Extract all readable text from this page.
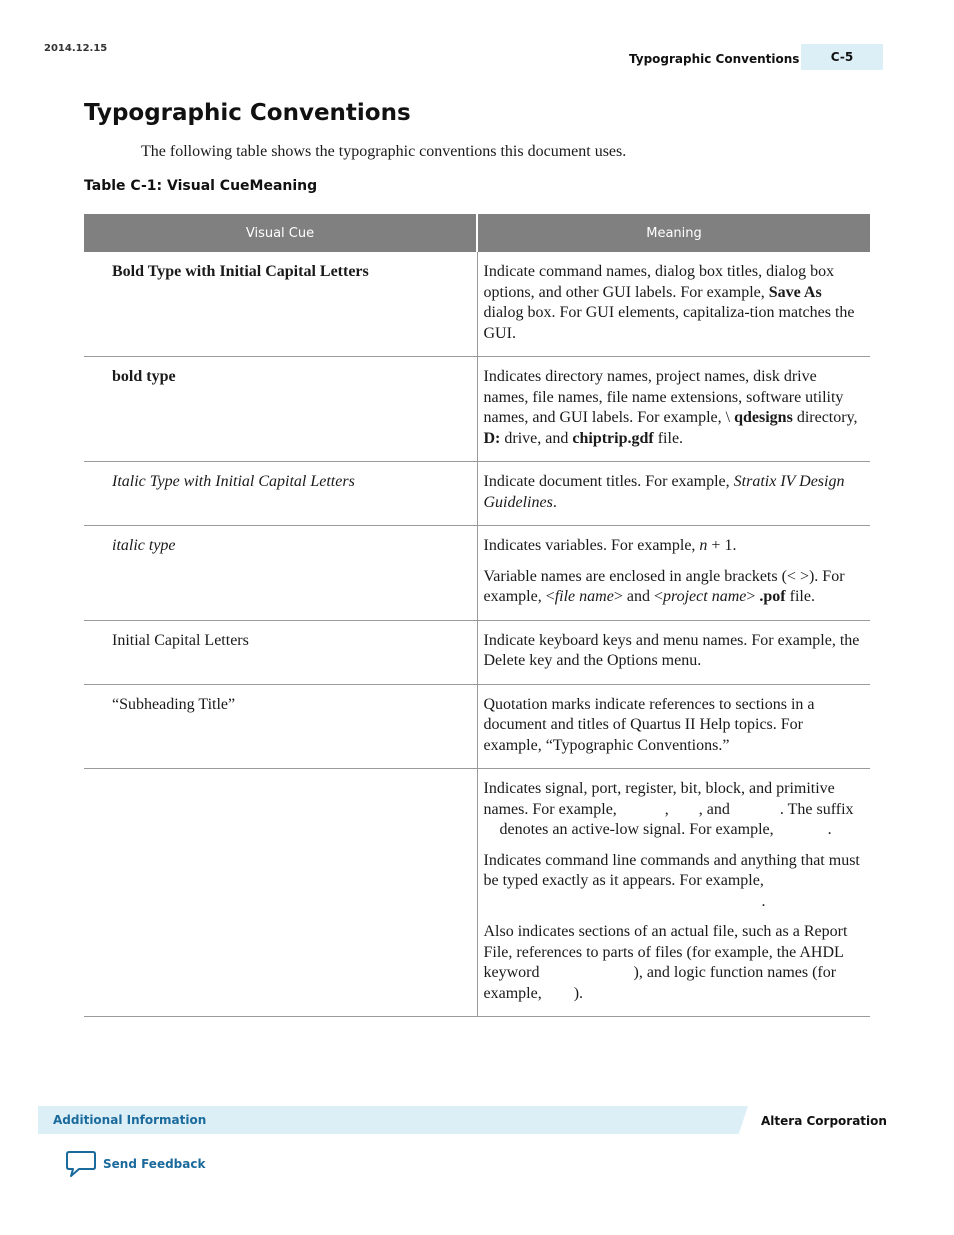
2014.12.15
Typographic Conventions	C-5
Typographic Conventions
The following table shows the typographic conventions this document uses.
Table C-1: Visual CueMeaning
Visual Cue	Meaning
Bold Type with Initial Capital Letters	Indicate command names, dialog box titles, dialog box options, and other GUI labels. For example, Save As dialog box. For GUI elements, capitaliza-tion matches the GUI.

bold type	Indicates directory names, project names, disk drive names, file names, file name extensions, software utility names, and GUI labels. For example, \ qdesigns directory, D: drive, and chiptrip.gdf file.

Italic Type with Initial Capital Letters	Indicate document titles. For example, Stratix IV Design Guidelines.

italic type	Indicates variables. For example, n + 1.

Variable names are enclosed in angle brackets (< >). For example, <file name> and <project name> .pof file.

Initial Capital Letters	Indicate keyboard keys and menu names. For example, the Delete key and the Options menu.

“Subheading Title”	Quotation marks indicate references to sections in a document and titles of Quartus II Help topics. For example, “Typographic Conventions.”

	Indicates signal, port, register, bit, block, and primitive names. For example, , , and . The suffix  denotes an active-low signal. For example, .

Indicates command line commands and anything that must be typed exactly as it appears. For example, .

Also indicates sections of an actual file, such as a Report File, references to parts of files (for example, the AHDL keyword ), and logic function names (for example, ).

Additional Information	Altera Corporation
Send Feedback
